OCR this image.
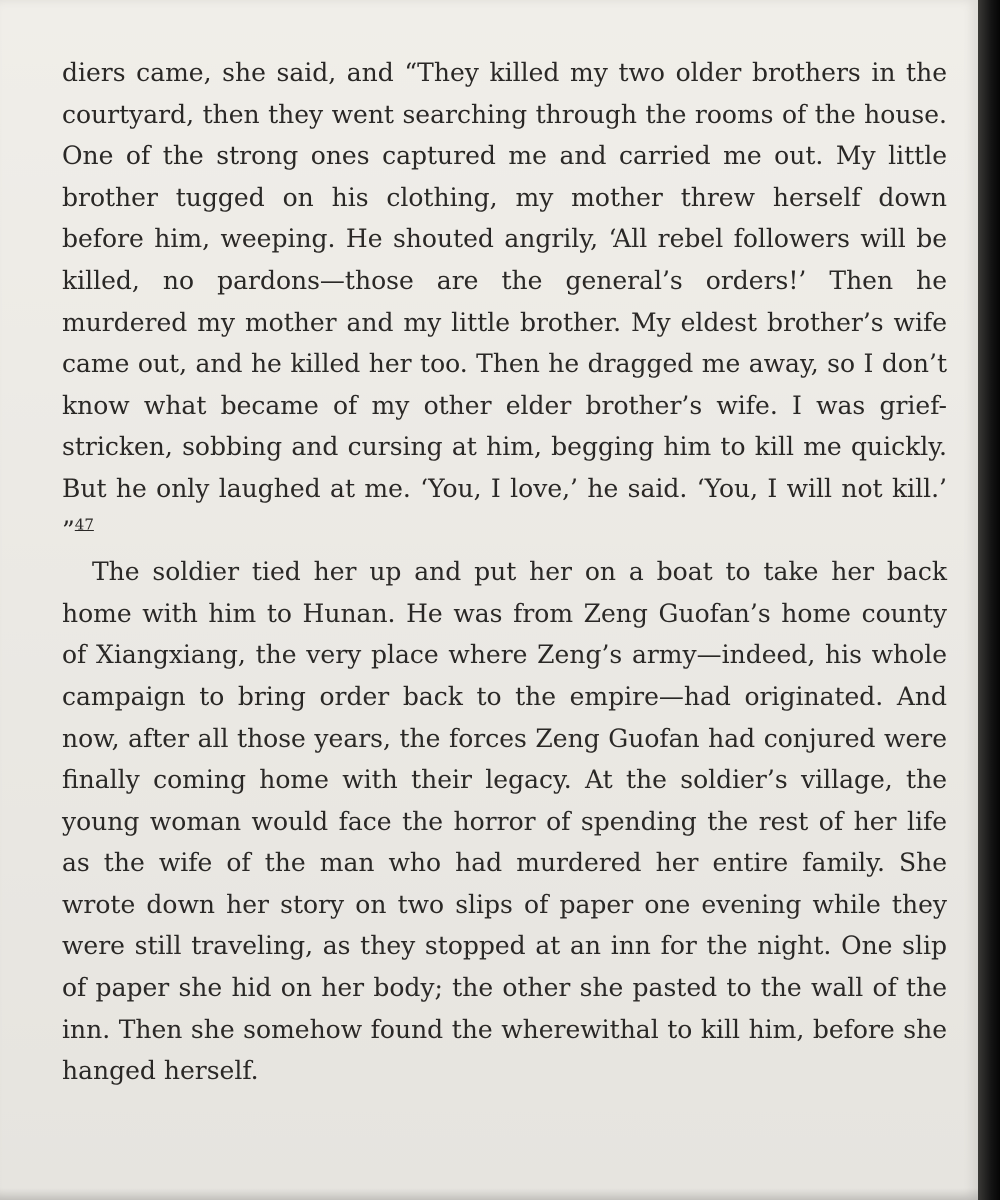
diers came, she said, and “They killed my two older brothers in the courtyard, then they went searching through the rooms of the house. One of the strong ones captured me and carried me out. My little brother tugged on his clothing, my mother threw herself down before him, weeping. He shouted angrily, ‘All rebel followers will be killed, no pardons—those are the general’s orders!’ Then he murdered my mother and my little brother. My eldest brother’s wife came out, and he killed her too. Then he dragged me away, so I don’t know what became of my other elder brother’s wife. I was grief-stricken, sobbing and cursing at him, begging him to kill me quickly. But he only laughed at me. ‘You, I love,’ he said. ‘You, I will not kill.’ ”$^{47}$

The soldier tied her up and put her on a boat to take her back home with him to Hunan. He was from Zeng Guofan’s home county of Xiangxiang, the very place where Zeng’s army—indeed, his whole campaign to bring order back to the empire—had originated. And now, after all those years, the forces Zeng Guofan had conjured were finally coming home with their legacy. At the soldier’s village, the young woman would face the horror of spending the rest of her life as the wife of the man who had murdered her entire family. She wrote down her story on two slips of paper one evening while they were still traveling, as they stopped at an inn for the night. One slip of paper she hid on her body; the other she pasted to the wall of the inn. Then she somehow found the wherewithal to kill him, before she hanged herself.
